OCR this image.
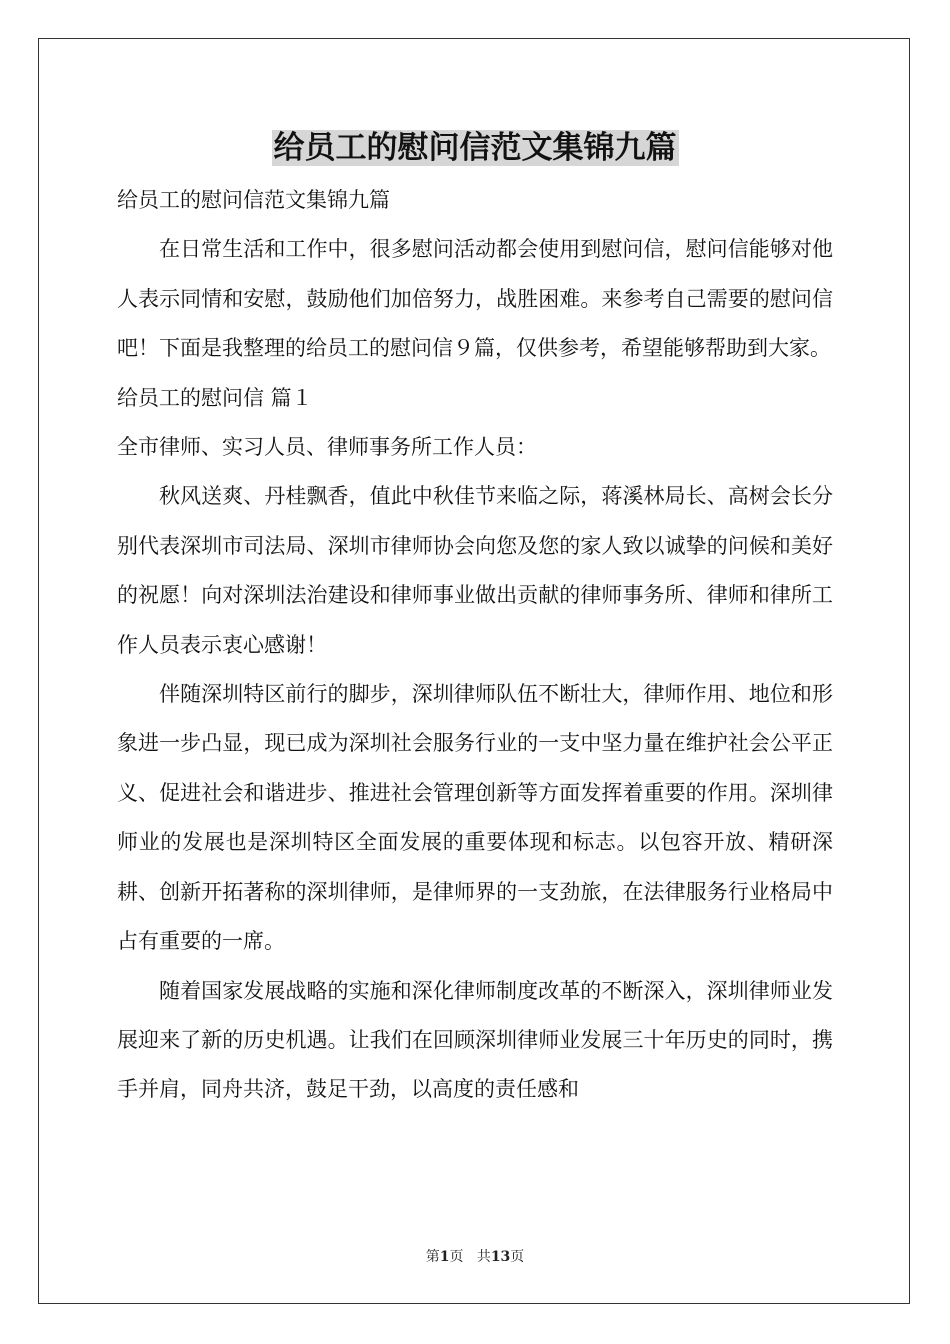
给员工的慰问信范文集锦九篇

给员工的慰问信范文集锦九篇

在日常生活和工作中，很多慰问活动都会使用到慰问信，慰问信能够对他人表示同情和安慰，鼓励他们加倍努力，战胜困难。来参考自己需要的慰问信吧！下面是我整理的给员工的慰问信９篇，仅供参考，希望能够帮助到大家。

给员工的慰问信 篇１

全市律师、实习人员、律师事务所工作人员：

秋风送爽、丹桂飘香，值此中秋佳节来临之际，蒋溪林局长、高树会长分别代表深圳市司法局、深圳市律师协会向您及您的家人致以诚挚的问候和美好的祝愿！向对深圳法治建设和律师事业做出贡献的律师事务所、律师和律所工作人员表示衷心感谢！

伴随深圳特区前行的脚步，深圳律师队伍不断壮大，律师作用、地位和形象进一步凸显，现已成为深圳社会服务行业的一支中坚力量在维护社会公平正义、促进社会和谐进步、推进社会管理创新等方面发挥着重要的作用。深圳律师业的发展也是深圳特区全面发展的重要体现和标志。以包容开放、精研深耕、创新开拓著称的深圳律师，是律师界的一支劲旅，在法律服务行业格局中占有重要的一席。

随着国家发展战略的实施和深化律师制度改革的不断深入，深圳律师业发展迎来了新的历史机遇。让我们在回顾深圳律师业发展三十年历史的同时，携手并肩，同舟共济，鼓足干劲，以高度的责任感和

第1页 共13页
